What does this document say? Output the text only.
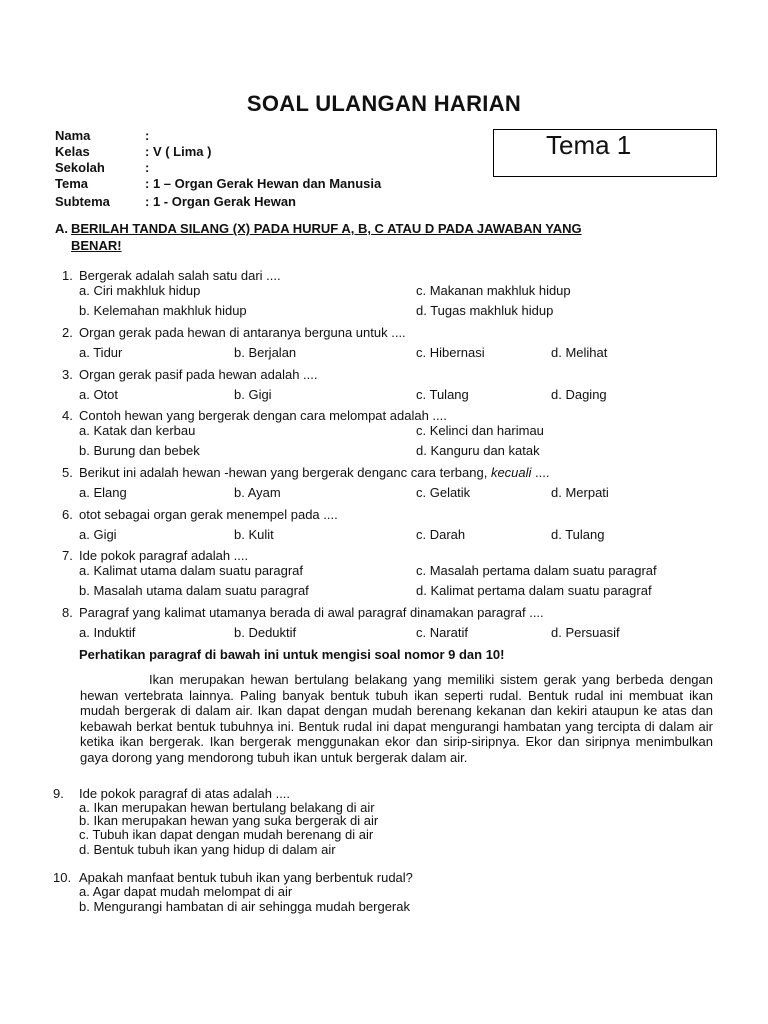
SOAL ULANGAN HARIAN
Nama	:
Kelas	: V ( Lima )
Sekolah	:
Tema	: 1 – Organ Gerak Hewan dan Manusia
Subtema	: 1 - Organ Gerak Hewan
Tema 1
A. BERILAH TANDA SILANG (X) PADA HURUF A, B, C ATAU D PADA JAWABAN YANG
BENAR!
1. Bergerak adalah salah satu dari ....
a. Ciri makhluk hidup	c. Makanan makhluk hidup
b. Kelemahan makhluk hidup	d. Tugas makhluk hidup
2. Organ gerak pada hewan di antaranya berguna untuk ....
a. Tidur	b. Berjalan	c. Hibernasi	d. Melihat
3. Organ gerak pasif pada hewan adalah ....
a. Otot	b. Gigi	c. Tulang	d. Daging
4. Contoh hewan yang bergerak dengan cara melompat adalah ....
a. Katak dan kerbau	c. Kelinci dan harimau
b. Burung dan bebek	d. Kanguru dan katak
5. Berikut ini adalah hewan -hewan yang bergerak denganc cara terbang, kecuali ....
a. Elang	b. Ayam	c. Gelatik	d. Merpati
6. otot sebagai organ gerak menempel pada ....
a. Gigi	b. Kulit	c. Darah	d. Tulang
7. Ide pokok paragraf adalah ....
a. Kalimat utama dalam suatu paragraf	c. Masalah pertama dalam suatu paragraf
b. Masalah utama dalam suatu paragraf	d. Kalimat pertama dalam suatu paragraf
8. Paragraf yang kalimat utamanya berada di awal paragraf dinamakan paragraf ....
a. Induktif	b. Deduktif	c. Naratif	d. Persuasif
Perhatikan paragraf di bawah ini untuk mengisi soal nomor 9 dan 10!

Ikan merupakan hewan bertulang belakang yang memiliki sistem gerak yang berbeda dengan hewan vertebrata lainnya. Paling banyak bentuk tubuh ikan seperti rudal. Bentuk rudal ini membuat ikan mudah bergerak di dalam air. Ikan dapat dengan mudah berenang kekanan dan kekiri ataupun ke atas dan kebawah berkat bentuk tubuhnya ini. Bentuk rudal ini dapat mengurangi hambatan yang tercipta di dalam air ketika ikan bergerak. Ikan bergerak menggunakan ekor dan sirip-siripnya. Ekor dan siripnya menimbulkan gaya dorong yang mendorong tubuh ikan untuk bergerak dalam air.

9. Ide pokok paragraf di atas adalah ....
a. Ikan merupakan hewan bertulang belakang di air
b. Ikan merupakan hewan yang suka bergerak di air
c. Tubuh ikan dapat dengan mudah berenang di air
d. Bentuk tubuh ikan yang hidup di dalam air
10. Apakah manfaat bentuk tubuh ikan yang berbentuk rudal?
a. Agar dapat mudah melompat di air
b. Mengurangi hambatan di air sehingga mudah bergerak
